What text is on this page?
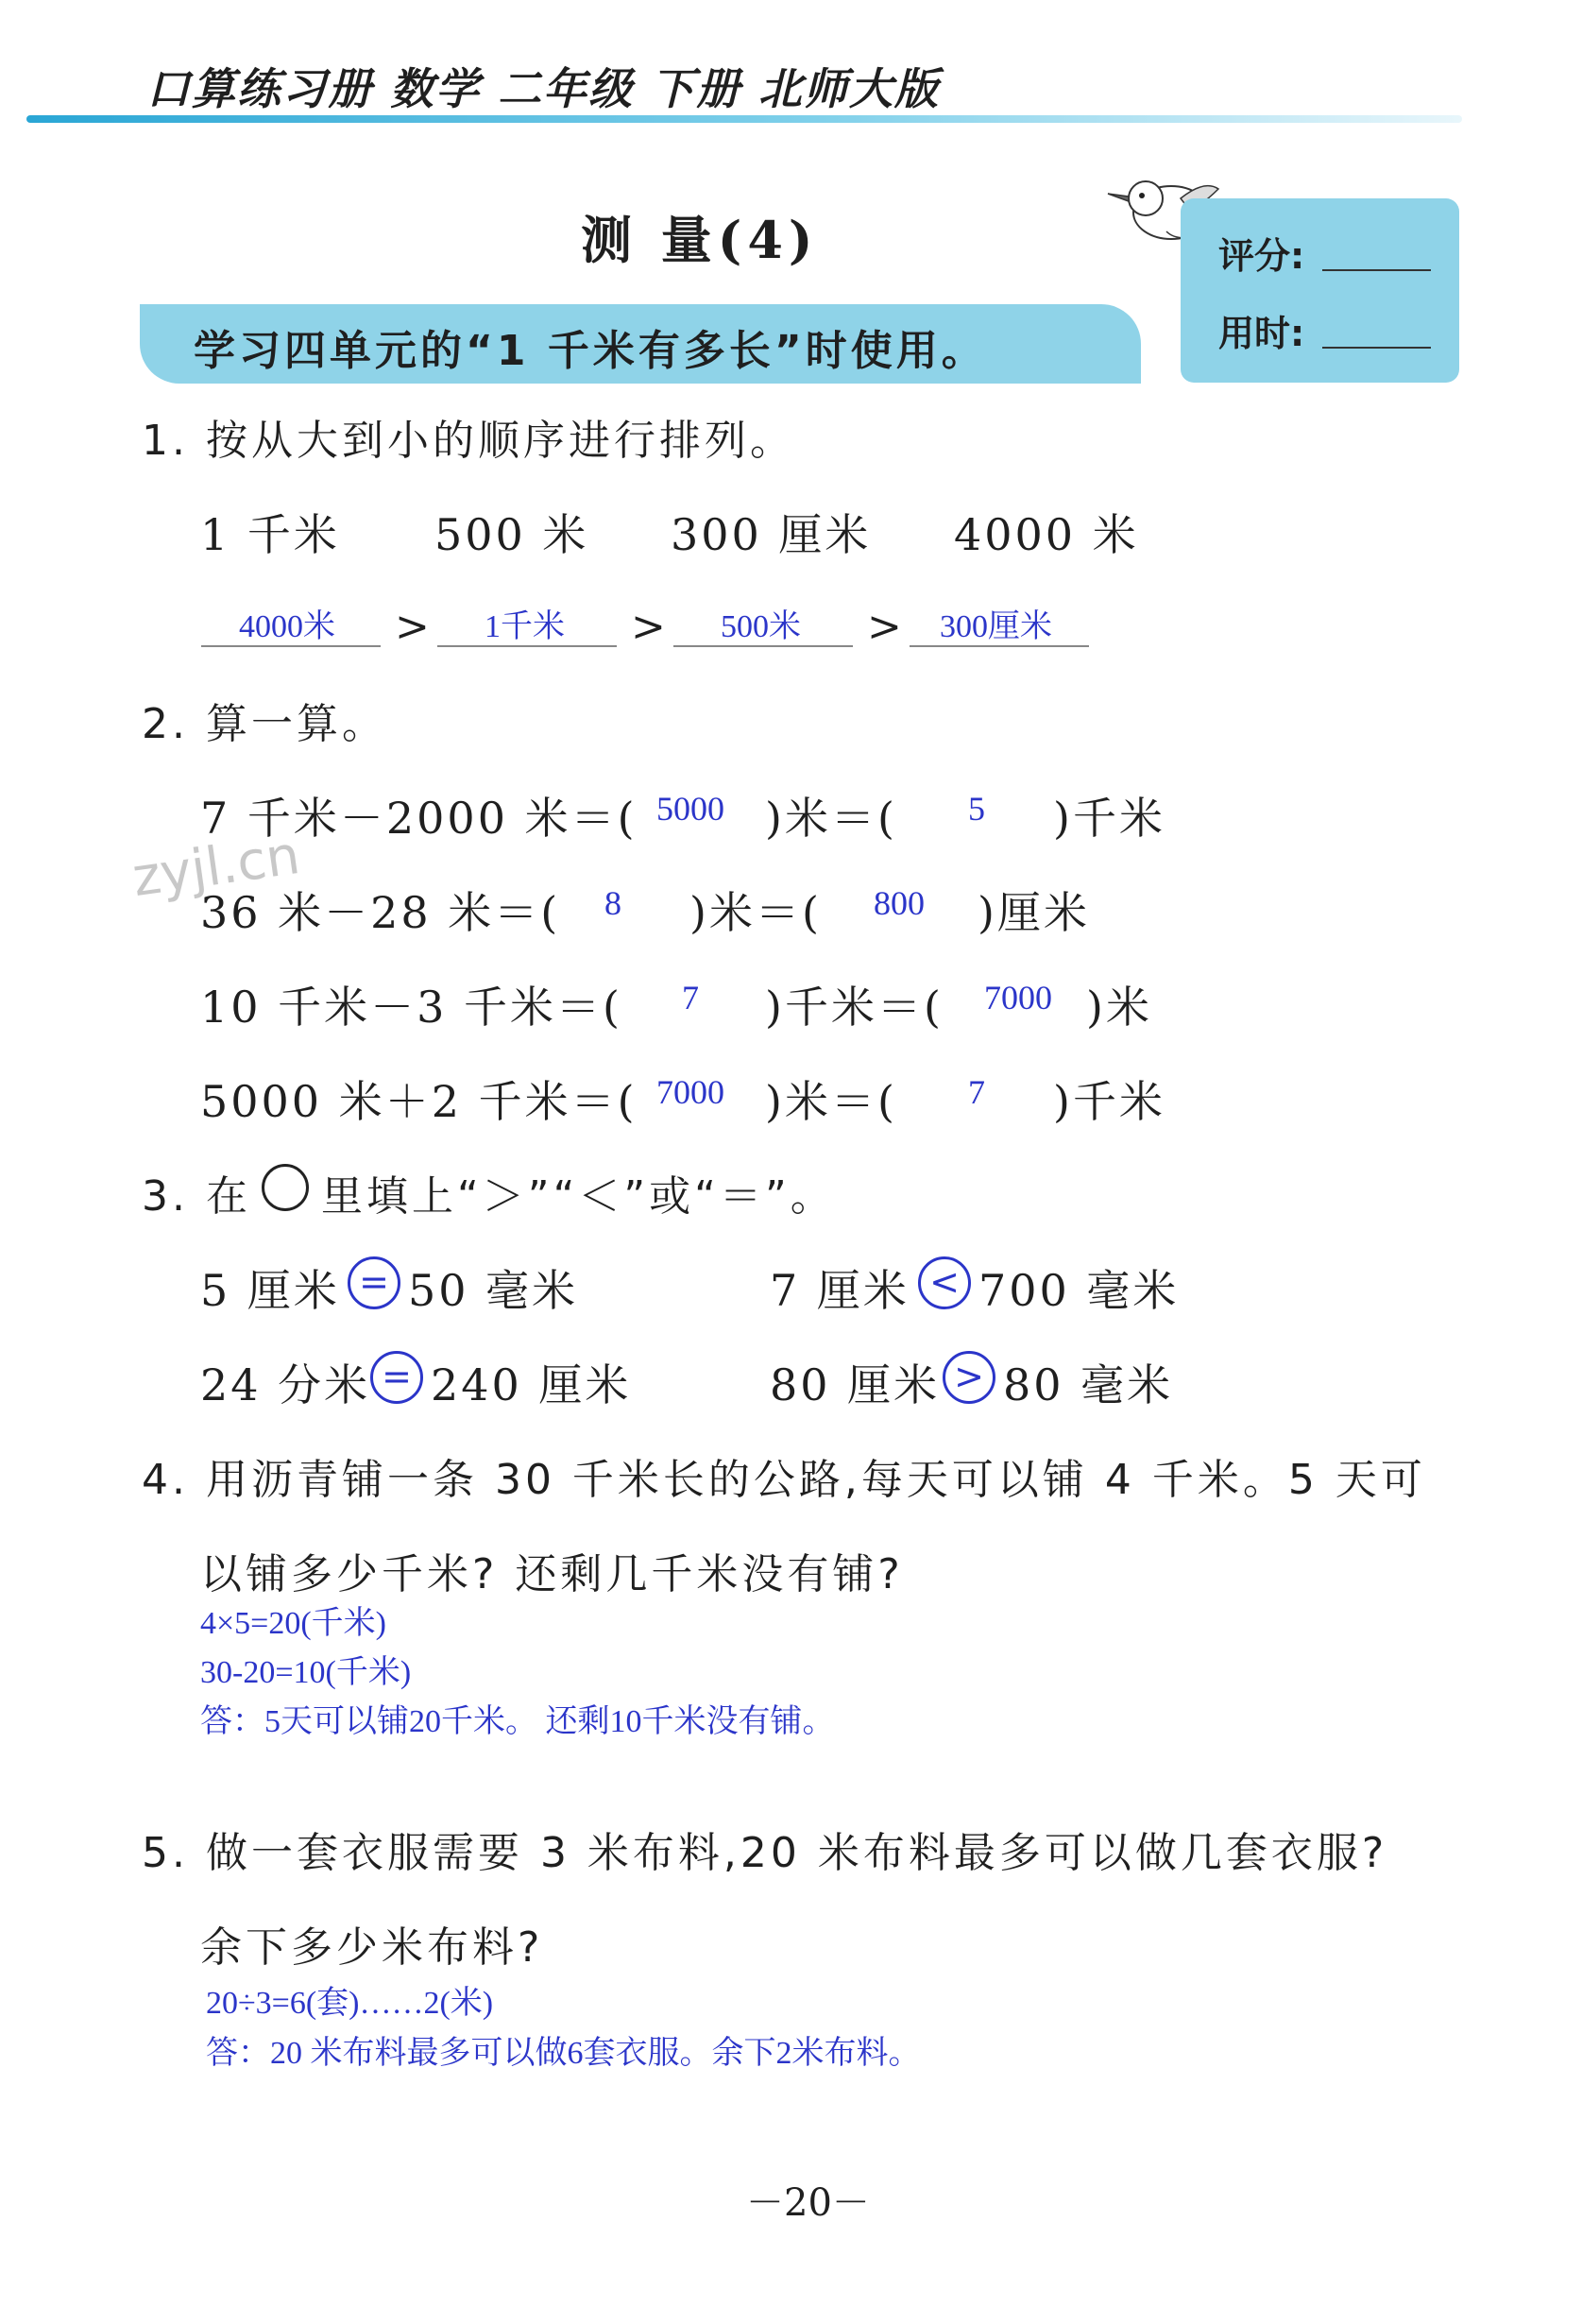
口算练习册 数学 二年级 下册 北师大版
测 量(4)
学习四单元的“1 千米有多长”时使用。
评分:
用时:
1. 按从大到小的顺序进行排列。
1 千米 500 米 300 厘米 4000 米
4000米 > 1千米 > 500米 > 300厘米
2. 算一算。
7 千米－2000 米＝( 5000 )米＝( 5 )千米
36 米－28 米＝( 8 )米＝( 800 )厘米
10 千米－3 千米＝( 7 )千米＝( 7000 )米
5000 米＋2 千米＝( 7000 )米＝( 7 )千米
zyjl.cn
3. 在 里填上“＞”“＜”或“＝”。
5 厘米 = 50 毫米	7 厘米 < 700 毫米
24 分米 = 240 厘米	80 厘米 > 80 毫米
4. 用沥青铺一条 30 千米长的公路,每天可以铺 4 千米。5 天可
以铺多少千米? 还剩几千米没有铺?
4×5=20(千米)
30-20=10(千米)
答：5天可以铺20千米。 还剩10千米没有铺。
5. 做一套衣服需要 3 米布料,20 米布料最多可以做几套衣服?
余下多少米布料?
20÷3=6(套)……2(米)
答：20 米布料最多可以做6套衣服。余下2米布料。
－20－
